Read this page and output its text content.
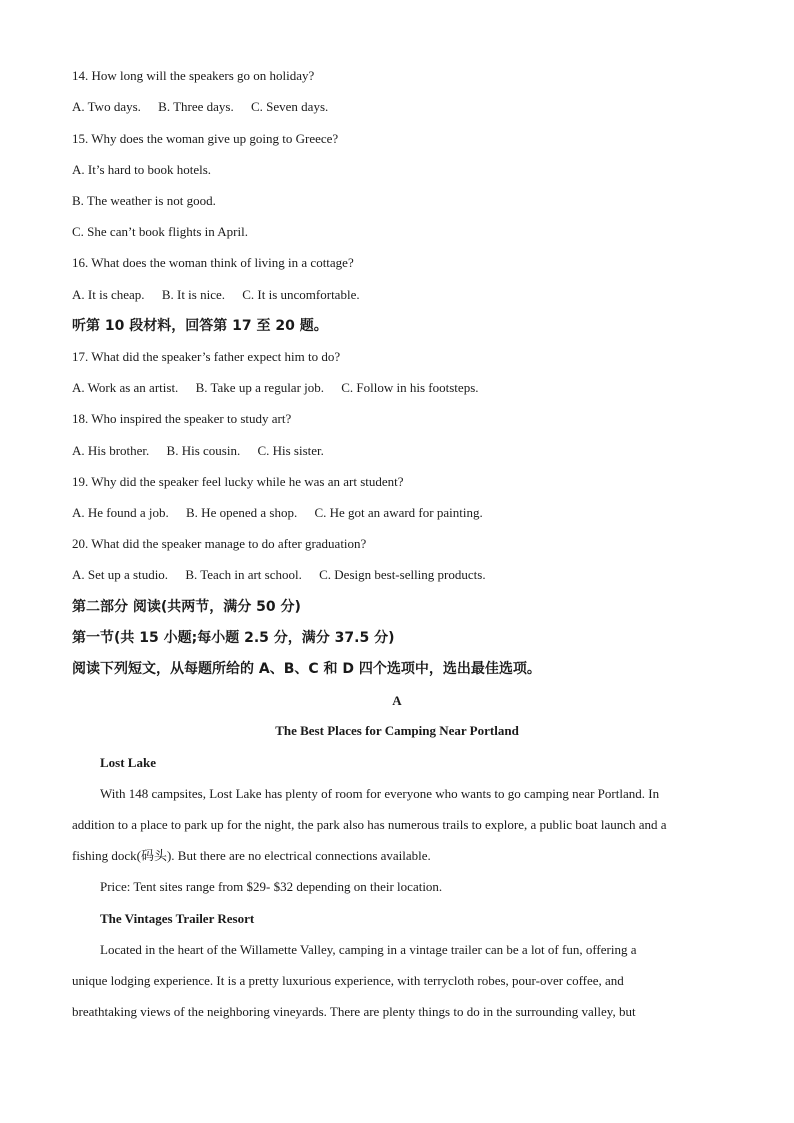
14. How long will the speakers go on holiday?
A. Two days. B. Three days. C. Seven days.
15. Why does the woman give up going to Greece?
A. It’s hard to book hotels.
B. The weather is not good.
C. She can’t book flights in April.
16. What does the woman think of living in a cottage?
A. It is cheap. B. It is nice. C. It is uncomfortable.
听第 10 段材料，回答第 17 至 20 题。
17. What did the speaker’s father expect him to do?
A. Work as an artist. B. Take up a regular job. C. Follow in his footsteps.
18. Who inspired the speaker to study art?
A. His brother. B. His cousin. C. His sister.
19. Why did the speaker feel lucky while he was an art student?
A. He found a job. B. He opened a shop. C. He got an award for painting.
20. What did the speaker manage to do after graduation?
A. Set up a studio. B. Teach in art school. C. Design best-selling products.
第二部分 阅读(共两节，满分 50 分)
第一节(共 15 小题;每小题 2.5 分，满分 37.5 分)
阅读下列短文，从每题所给的 A、B、C 和 D 四个选项中，选出最佳选项。
A
The Best Places for Camping Near Portland
Lost Lake
With 148 campsites, Lost Lake has plenty of room for everyone who wants to go camping near Portland. In
addition to a place to park up for the night, the park also has numerous trails to explore, a public boat launch and a
fishing dock(码头). But there are no electrical connections available.
Price: Tent sites range from $29- $32 depending on their location.
The Vintages Trailer Resort
Located in the heart of the Willamette Valley, camping in a vintage trailer can be a lot of fun, offering a
unique lodging experience. It is a pretty luxurious experience, with terrycloth robes, pour-over coffee, and
breathtaking views of the neighboring vineyards. There are plenty things to do in the surrounding valley, but
